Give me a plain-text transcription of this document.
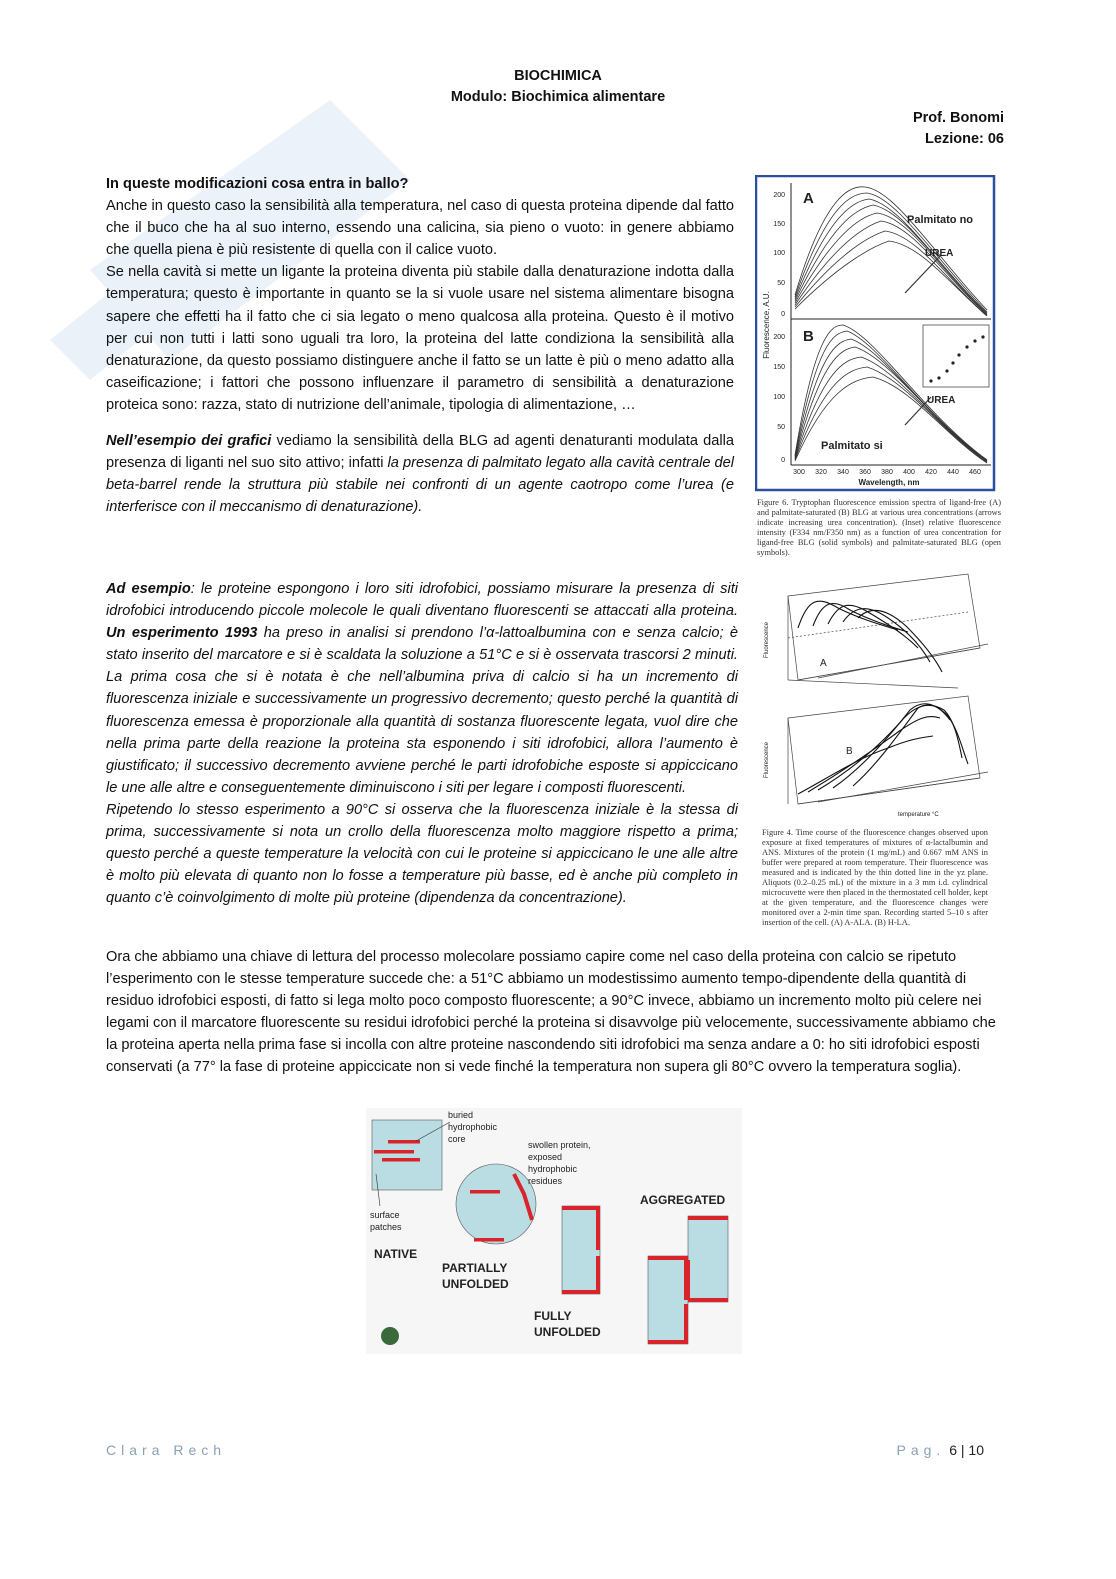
BIOCHIMICA
Modulo: Biochimica alimentare
Prof. Bonomi
Lezione: 06

In queste modificazioni cosa entra in ballo?

Anche in questo caso la sensibilità alla temperatura, nel caso di questa proteina dipende dal fatto che il buco che ha al suo interno, essendo una calicina, sia pieno o vuoto: in genere abbiamo che quella piena è più resistente di quella con il calice vuoto.

Se nella cavità si mette un ligante la proteina diventa più stabile dalla denaturazione indotta dalla temperatura; questo è importante in quanto se la si vuole usare nel sistema alimentare bisogna sapere che effetti ha il fatto che ci sia legato o meno qualcosa alla proteina. Questo è il motivo per cui non tutti i latti sono uguali tra loro, la proteina del latte condiziona la sensibilità alla denaturazione, da questo possiamo distinguere anche il fatto se un latte è più o meno adatto alla caseificazione; i fattori che possono influenzare il parametro di sensibilità a denaturazione proteica sono: razza, stato di nutrizione dell’animale, tipologia di alimentazione, …

Nell’esempio dei grafici vediamo la sensibilità della BLG ad agenti denaturanti modulata dalla presenza di liganti nel suo sito attivo; infatti la presenza di palmitato legato alla cavità centrale del beta-barrel rende la struttura più stabile nei confronti di un agente caotropo come l’urea (e interferisce con il meccanismo di denaturazione).

Fluorescence, A.U.
200
150
100
50
0
200
150
100
50
0
300 320 340 360 380 400 420 440 460
Wavelength, nm
A
Palmitato no
UREA
B
UREA
Palmitato si
Figure 6. Tryptophan fluorescence emission spectra of ligand-free (A) and palmitate-saturated (B) BLG at various urea concentrations (arrows indicate increasing urea concentration). (Inset) relative fluorescence intensity (F334 nm/F350 nm) as a function of urea concentration for ligand-free BLG (solid symbols) and palmitate-saturated BLG (open symbols).

Ad esempio: le proteine espongono i loro siti idrofobici, possiamo misurare la presenza di siti idrofobici introducendo piccole molecole le quali diventano fluorescenti se attaccati alla proteina. Un esperimento 1993 ha preso in analisi si prendono l’α-lattoalbumina con e senza calcio; è stato inserito del marcatore e si è scaldata la soluzione a 51°C e si è osservata trascorsi 2 minuti. La prima cosa che si è notata è che nell’albumina priva di calcio si ha un incremento di fluorescenza iniziale e successivamente un progressivo decremento; questo perché la quantità di fluorescenza emessa è proporzionale alla quantità di sostanza fluorescente legata, vuol dire che nella prima parte della reazione la proteina sta esponendo i siti idrofobici, allora l’aumento è giustificato; il successivo decremento avviene perché le parti idrofobiche esposte si appiccicano le une alle altre e conseguentemente diminuiscono i siti per legare i composti fluorescenti.

Ripetendo lo stesso esperimento a 90°C si osserva che la fluorescenza iniziale è la stessa di prima, successivamente si nota un crollo della fluorescenza molto maggiore rispetto a prima; questo perché a queste temperature la velocità con cui le proteine si appiccicano le une alle altre è molto più elevata di quanto non lo fosse a temperature più basse, ed è anche più completo in quanto c’è coinvolgimento di molte più proteine (dipendenza da concentrazione).

A
Fluorescence
B
Fluorescence
temperature °C
Figure 4. Time course of the fluorescence changes observed upon exposure at fixed temperatures of mixtures of α-lactalbumin and ANS. Mixtures of the protein (1 mg/mL) and 0.667 mM ANS in buffer were prepared at room temperature. Their fluorescence was measured and is indicated by the thin dotted line in the yz plane. Aliquots (0.2–0.25 mL) of the mixture in a 3 mm i.d. cylindrical microcuvette were then placed in the thermostated cell holder, kept at the given temperature, and the fluorescence changes were monitored over a 2-min time span. Recording started 5–10 s after insertion of the cell. (A) A-ALA. (B) H-LA.

Ora che abbiamo una chiave di lettura del processo molecolare possiamo capire come nel caso della proteina con calcio se ripetuto l’esperimento con le stesse temperature succede che: a 51°C abbiamo un modestissimo aumento tempo-dipendente della quantità di residuo idrofobici esposti, di fatto si lega molto poco composto fluorescente; a 90°C invece, abbiamo un incremento molto più celere nei legami con il marcatore fluorescente su residui idrofobici perché la proteina si disavvolge più velocemente, successivamente abbiamo che la proteina aperta nella prima fase si incolla con altre proteine nascondendo siti idrofobici ma senza andare a 0: ho siti idrofobici esposti conservati (a 77° la fase di proteine appiccicate non si vede finché la temperatura non supera gli 80°C ovvero la temperatura soglia).

buried hydrophobic core
surface patches
NATIVE
swollen protein, exposed hydrophobic residues
PARTIALLY UNFOLDED
FULLY UNFOLDED
AGGREGATED
Clara Rech	Pag. 6 | 10
